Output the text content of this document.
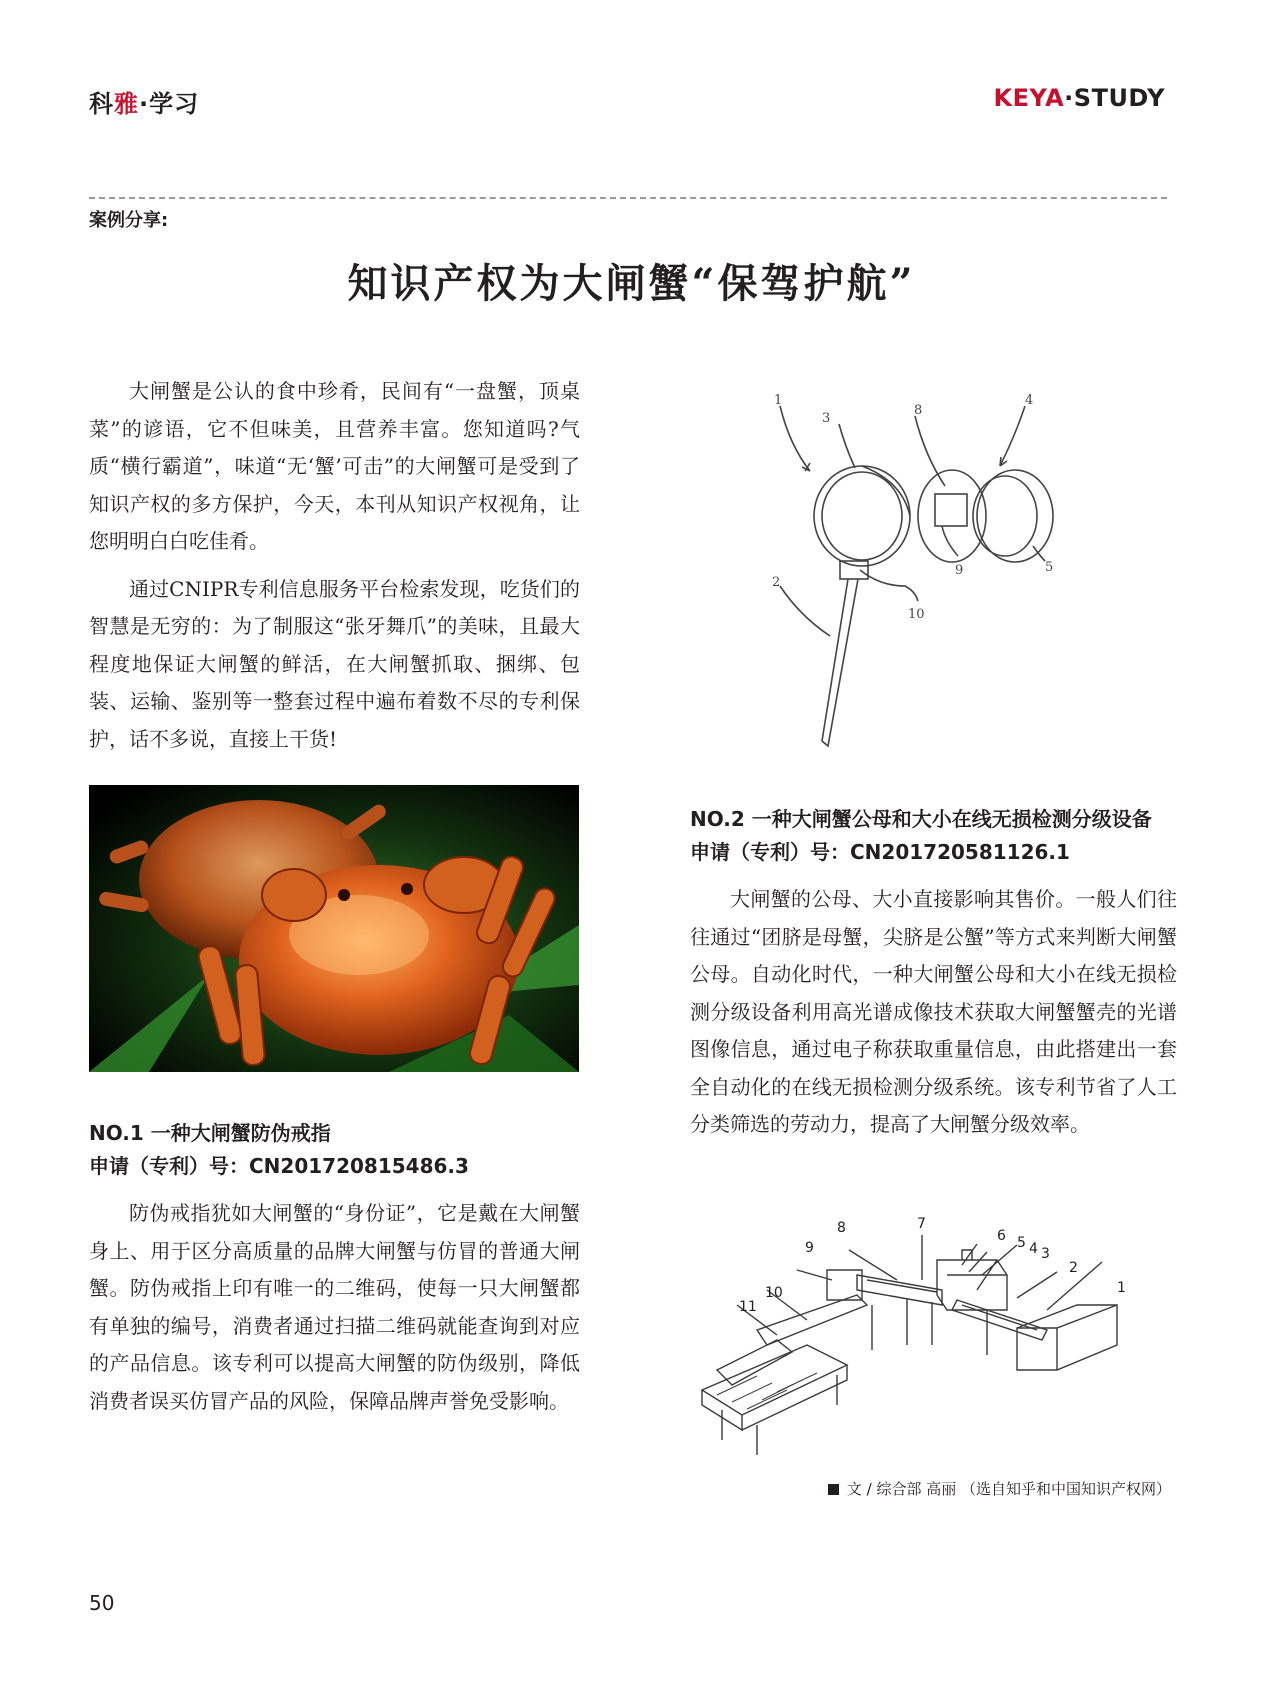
科雅·学习	KEYA·STUDY
案例分享:
知识产权为大闸蟹“保驾护航”

大闸蟹是公认的食中珍肴，民间有“一盘蟹，顶桌菜”的谚语，它不但味美，且营养丰富。您知道吗?气质“横行霸道”，味道“无‘蟹’可击”的大闸蟹可是受到了知识产权的多方保护，今天，本刊从知识产权视角，让您明明白白吃佳肴。

通过CNIPR专利信息服务平台检索发现，吃货们的智慧是无穷的：为了制服这“张牙舞爪”的美味，且最大程度地保证大闸蟹的鲜活，在大闸蟹抓取、捆绑、包装、运输、鉴别等一整套过程中遍布着数不尽的专利保护，话不多说，直接上干货!

NO.1 一种大闸蟹防伪戒指
申请（专利）号：CN201720815486.3

防伪戒指犹如大闸蟹的“身份证”，它是戴在大闸蟹身上、用于区分高质量的品牌大闸蟹与仿冒的普通大闸蟹。防伪戒指上印有唯一的二维码，使每一只大闸蟹都有单独的编号，消费者通过扫描二维码就能查询到对应的产品信息。该专利可以提高大闸蟹的防伪级别，降低消费者误买仿冒产品的风险，保障品牌声誉免受影响。

1
3
8
4
5
9
10
2
NO.2 一种大闸蟹公母和大小在线无损检测分级设备
申请（专利）号：CN201720581126.1

大闸蟹的公母、大小直接影响其售价。一般人们往往通过“团脐是母蟹，尖脐是公蟹”等方式来判断大闸蟹公母。自动化时代，一种大闸蟹公母和大小在线无损检测分级设备利用高光谱成像技术获取大闸蟹蟹壳的光谱图像信息，通过电子称获取重量信息，由此搭建出一套全自动化的在线无损检测分级系统。该专利节省了人工分类筛选的劳动力，提高了大闸蟹分级效率。

8	7
6 5 4 3
2
1
9
10
11
文 / 综合部 高丽 （选自知乎和中国知识产权网）
50
